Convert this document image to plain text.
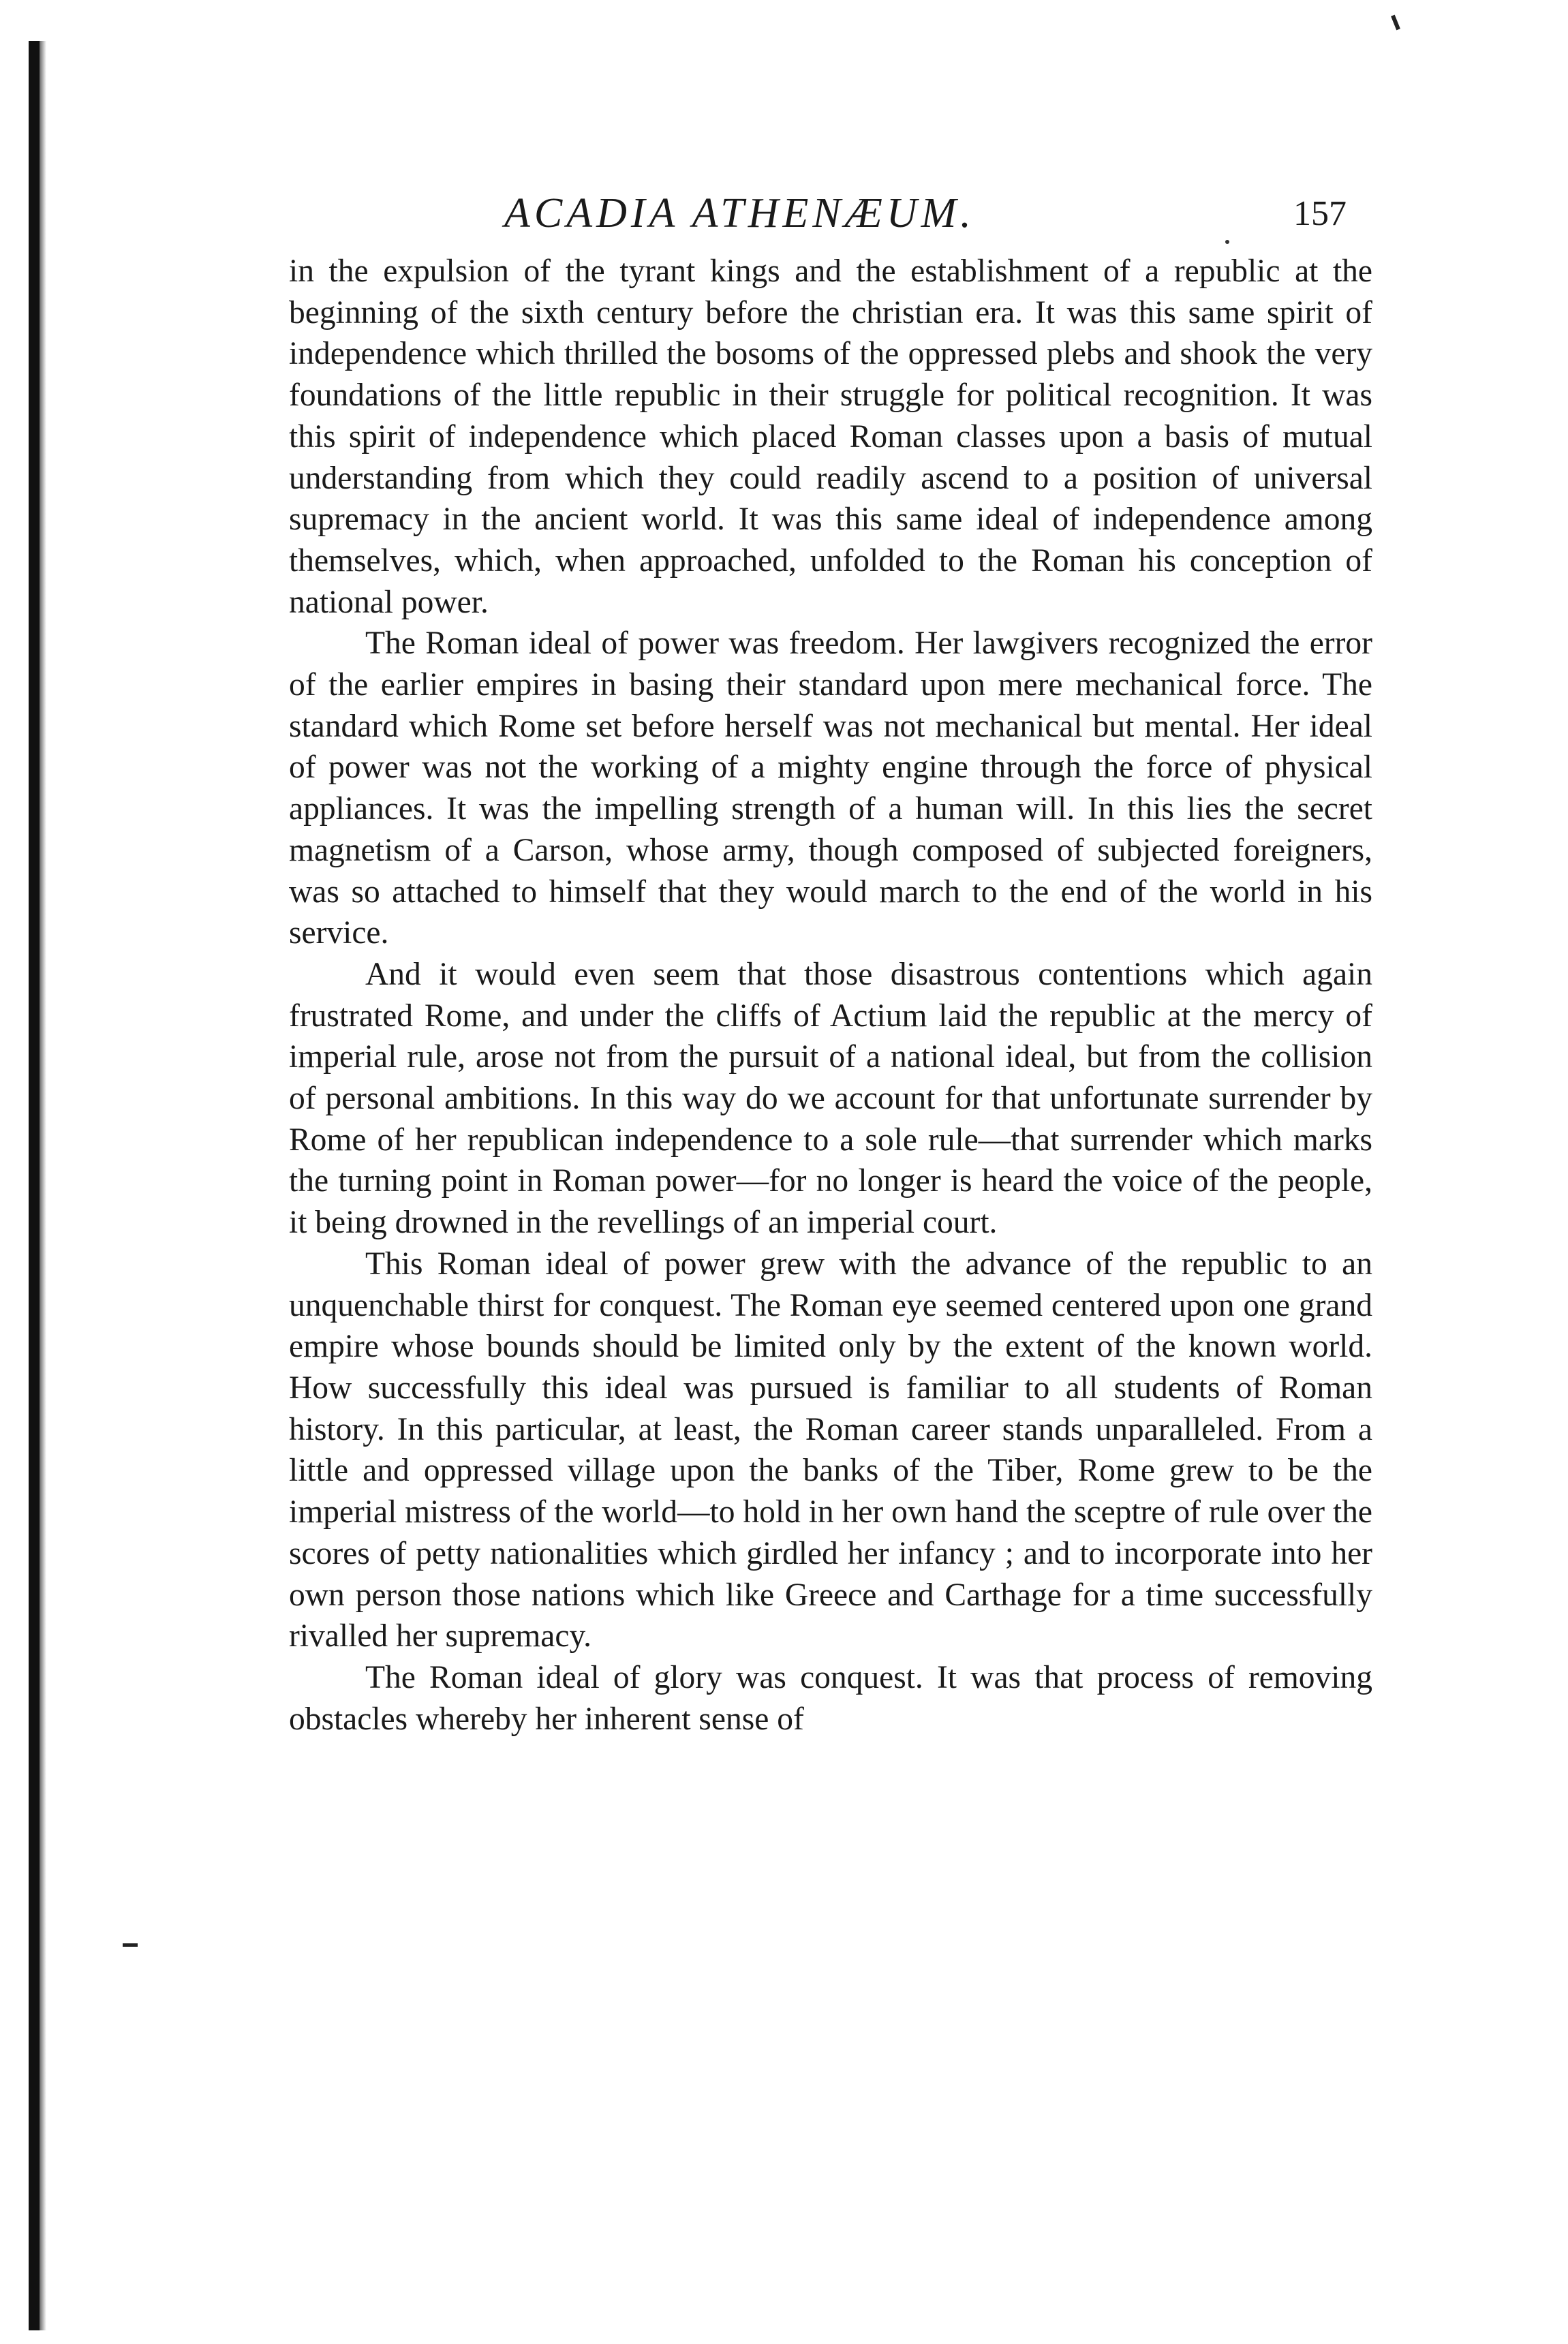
ACADIA ATHENÆUM.	157

in the expulsion of the tyrant kings and the establishment of a republic at the beginning of the sixth century before the christian era. It was this same spirit of independence which thrilled the bosoms of the oppressed plebs and shook the very foundations of the little republic in their struggle for political recognition. It was this spirit of independence which placed Roman classes upon a basis of mutual understanding from which they could readily ascend to a position of universal supremacy in the ancient world. It was this same ideal of independence among themselves, which, when approached, unfolded to the Roman his conception of national power.

The Roman ideal of power was freedom. Her lawgivers recognized the error of the earlier empires in basing their standard upon mere mechanical force. The standard which Rome set before herself was not mechanical but mental. Her ideal of power was not the working of a mighty engine through the force of physical appliances. It was the impelling strength of a human will. In this lies the secret magnetism of a Carson, whose army, though composed of subjected foreigners, was so attached to himself that they would march to the end of the world in his service.

And it would even seem that those disastrous contentions which again frustrated Rome, and under the cliffs of Actium laid the republic at the mercy of imperial rule, arose not from the pursuit of a national ideal, but from the collision of personal ambitions. In this way do we account for that unfortunate surrender by Rome of her republican independence to a sole rule—that surrender which marks the turning point in Roman power—for no longer is heard the voice of the people, it being drowned in the revellings of an imperial court.

This Roman ideal of power grew with the advance of the republic to an unquenchable thirst for conquest. The Roman eye seemed centered upon one grand empire whose bounds should be limited only by the extent of the known world. How successfully this ideal was pursued is familiar to all students of Roman history. In this particular, at least, the Roman career stands unparalleled. From a little and oppressed village upon the banks of the Tiber, Rome grew to be the imperial mistress of the world—to hold in her own hand the sceptre of rule over the scores of petty nationalities which girdled her infancy ; and to incorporate into her own person those nations which like Greece and Carthage for a time successfully rivalled her supremacy.

The Roman ideal of glory was conquest. It was that process of removing obstacles whereby her inherent sense of
